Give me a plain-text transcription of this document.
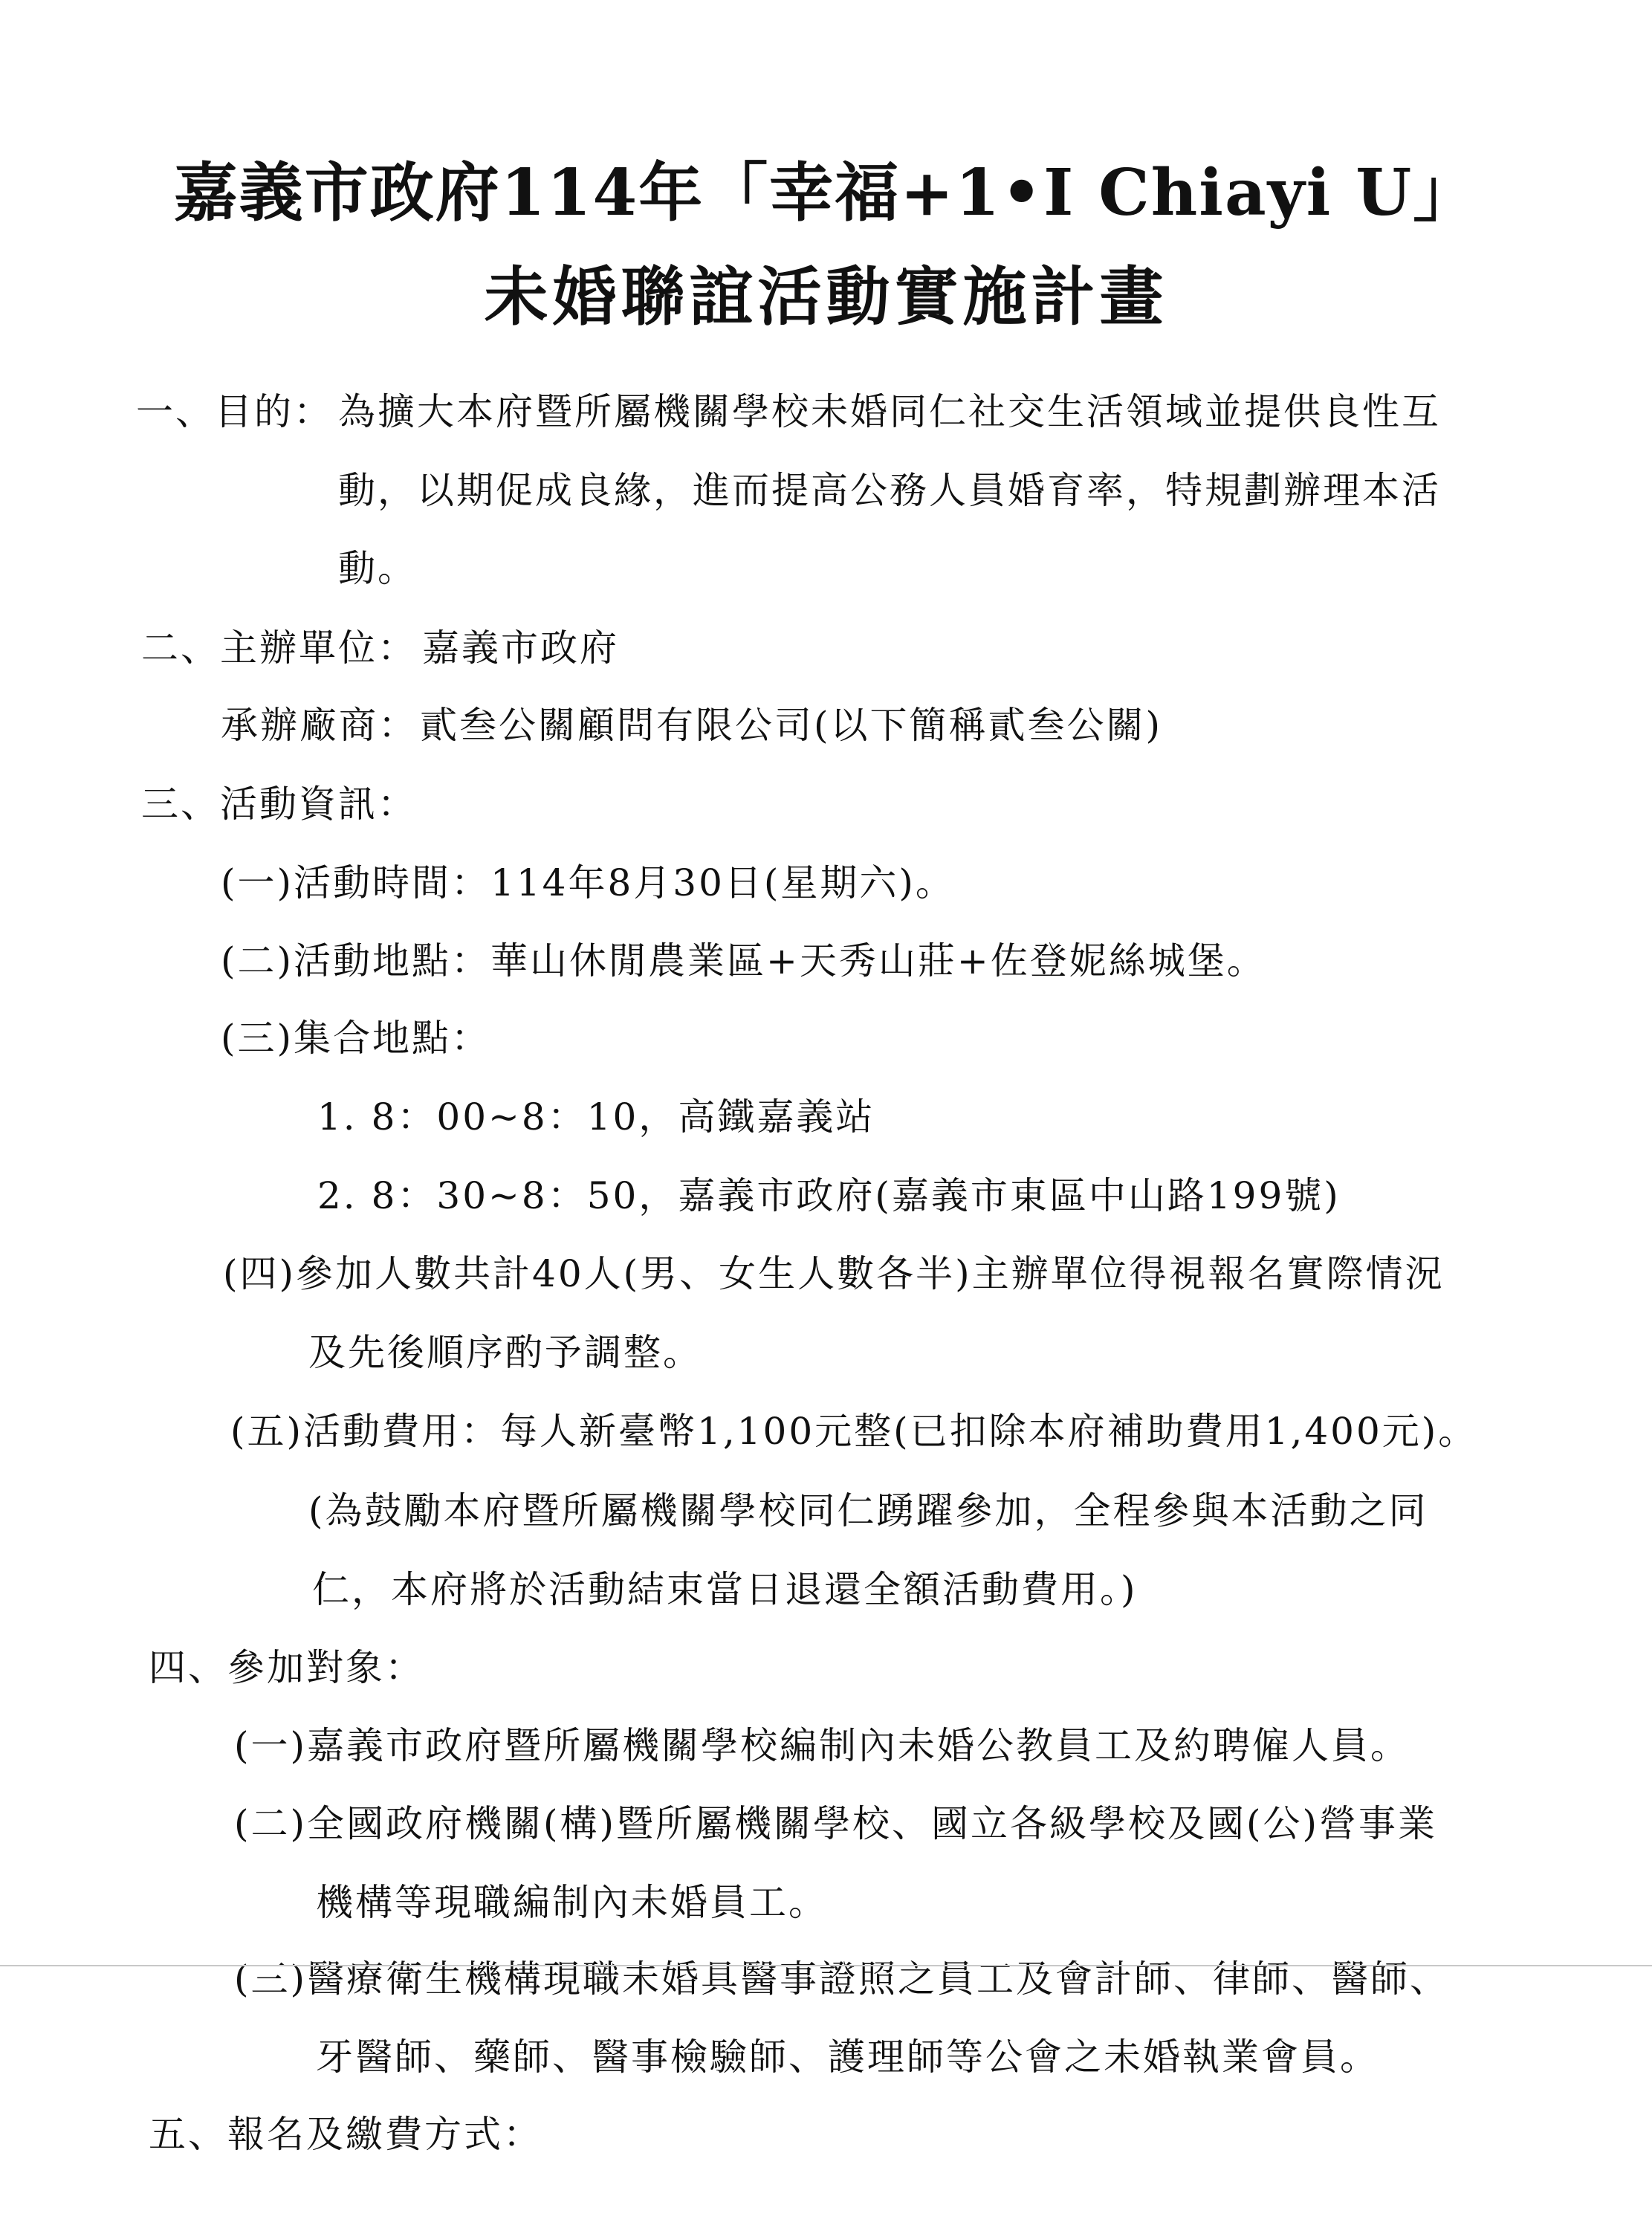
嘉義市政府114年「幸福+1•I Chiayi U」
未婚聯誼活動實施計畫
一、目的： 為擴大本府暨所屬機關學校未婚同仁社交生活領域並提供良性互
動，以期促成良緣，進而提高公務人員婚育率，特規劃辦理本活
動。
二、主辦單位： 嘉義市政府
承辦廠商： 貳叁公關顧問有限公司(以下簡稱貳叁公關)
三、活動資訊：
(一)活動時間：114年8月30日(星期六)。
(二)活動地點：華山休閒農業區+天秀山莊+佐登妮絲城堡。
(三)集合地點：
1. 8：00~8：10，高鐵嘉義站
2. 8：30~8：50，嘉義市政府(嘉義市東區中山路199號)
(四)參加人數共計40人(男、女生人數各半)主辦單位得視報名實際情況
及先後順序酌予調整。
(五)活動費用：每人新臺幣1,100元整(已扣除本府補助費用1,400元)。
(為鼓勵本府暨所屬機關學校同仁踴躍參加，全程參與本活動之同
仁，本府將於活動結束當日退還全額活動費用。)
四、參加對象：
(一)嘉義市政府暨所屬機關學校編制內未婚公教員工及約聘僱人員。
(二)全國政府機關(構)暨所屬機關學校、國立各級學校及國(公)營事業
機構等現職編制內未婚員工。
(三)醫療衛生機構現職未婚具醫事證照之員工及會計師、律師、醫師、
牙醫師、藥師、醫事檢驗師、護理師等公會之未婚執業會員。
五、報名及繳費方式：
